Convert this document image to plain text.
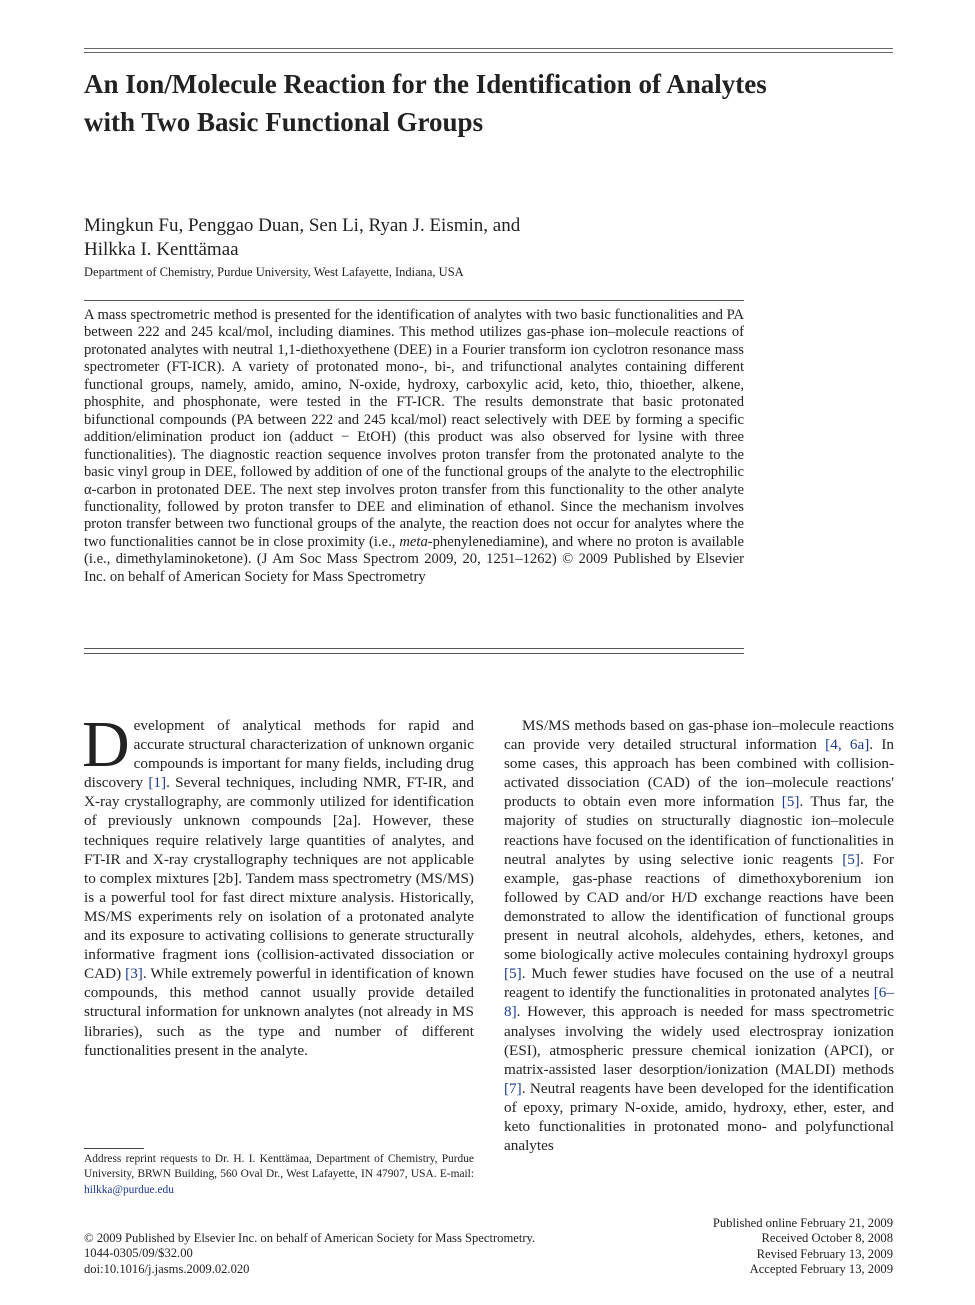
An Ion/Molecule Reaction for the Identification of Analytes with Two Basic Functional Groups
Mingkun Fu, Penggao Duan, Sen Li, Ryan J. Eismin, and
Hilkka I. Kenttämaa

Department of Chemistry, Purdue University, West Lafayette, Indiana, USA

A mass spectrometric method is presented for the identification of analytes with two basic functionalities and PA between 222 and 245 kcal/mol, including diamines. This method utilizes gas-phase ion–molecule reactions of protonated analytes with neutral 1,1-diethoxyethene (DEE) in a Fourier transform ion cyclotron resonance mass spectrometer (FT-ICR). A variety of protonated mono-, bi-, and trifunctional analytes containing different functional groups, namely, amido, amino, N-oxide, hydroxy, carboxylic acid, keto, thio, thioether, alkene, phosphite, and phosphonate, were tested in the FT-ICR. The results demonstrate that basic protonated bifunctional compounds (PA between 222 and 245 kcal/mol) react selectively with DEE by forming a specific addition/elimination product ion (adduct − EtOH) (this product was also observed for lysine with three functionalities). The diagnostic reaction sequence involves proton transfer from the protonated analyte to the basic vinyl group in DEE, followed by addition of one of the functional groups of the analyte to the electrophilic α-carbon in protonated DEE. The next step involves proton transfer from this functionality to the other analyte functionality, followed by proton transfer to DEE and elimination of ethanol. Since the mechanism involves proton transfer between two functional groups of the analyte, the reaction does not occur for analytes where the two functionalities cannot be in close proximity (i.e., meta-phenylenediamine), and where no proton is available (i.e., dimethylaminoketone). (J Am Soc Mass Spectrom 2009, 20, 1251–1262) © 2009 Published by Elsevier Inc. on behalf of American Society for Mass Spectrometry

Development of analytical methods for rapid and accurate structural characterization of unknown organic compounds is important for many fields, including drug discovery [1]. Several techniques, including NMR, FT-IR, and X-ray crystallography, are commonly utilized for identification of previously unknown compounds [2a]. However, these techniques require relatively large quantities of analytes, and FT-IR and X-ray crystallography techniques are not applicable to complex mixtures [2b]. Tandem mass spectrometry (MS/MS) is a powerful tool for fast direct mixture analysis. Historically, MS/MS experiments rely on isolation of a protonated analyte and its exposure to activating collisions to generate structurally informative fragment ions (collision-activated dissociation or CAD) [3]. While extremely powerful in identification of known compounds, this method cannot usually provide detailed structural information for unknown analytes (not already in MS libraries), such as the type and number of different functionalities present in the analyte.

MS/MS methods based on gas-phase ion–molecule reactions can provide very detailed structural information [4, 6a]. In some cases, this approach has been combined with collision-activated dissociation (CAD) of the ion–molecule reactions' products to obtain even more information [5]. Thus far, the majority of studies on structurally diagnostic ion–molecule reactions have focused on the identification of functionalities in neutral analytes by using selective ionic reagents [5]. For example, gas-phase reactions of dimethoxyborenium ion followed by CAD and/or H/D exchange reactions have been demonstrated to allow the identification of functional groups present in neutral alcohols, aldehydes, ethers, ketones, and some biologically active molecules containing hydroxyl groups [5]. Much fewer studies have focused on the use of a neutral reagent to identify the functionalities in protonated analytes [6–8]. However, this approach is needed for mass spectrometric analyses involving the widely used electrospray ionization (ESI), atmospheric pressure chemical ionization (APCI), or matrix-assisted laser desorption/ionization (MALDI) methods [7]. Neutral reagents have been developed for the identification of epoxy, primary N-oxide, amido, hydroxy, ether, ester, and keto functionalities in protonated mono- and polyfunctional analytes

Address reprint requests to Dr. H. I. Kenttämaa, Department of Chemistry, Purdue University, BRWN Building, 560 Oval Dr., West Lafayette, IN 47907, USA. E-mail: hilkka@purdue.edu

© 2009 Published by Elsevier Inc. on behalf of American Society for Mass Spectrometry.
1044-0305/09/$32.00
doi:10.1016/j.jasms.2009.02.020
Published online February 21, 2009
Received October 8, 2008
Revised February 13, 2009
Accepted February 13, 2009
